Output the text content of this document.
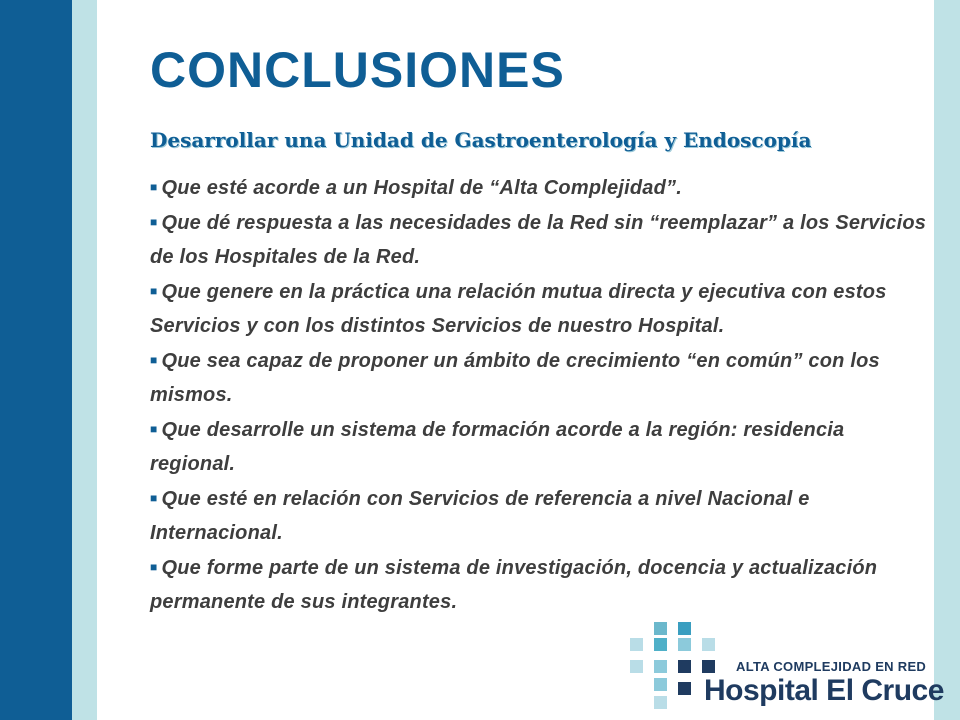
CONCLUSIONES

Desarrollar una Unidad de Gastroenterología y Endoscopía

■ Que esté acorde a un Hospital de “Alta Complejidad”.
■ Que dé respuesta a las necesidades de la Red sin “reemplazar” a los Servicios de los Hospitales de la Red.
■ Que genere en la práctica una relación mutua directa y ejecutiva con estos Servicios y con los distintos Servicios de nuestro Hospital.
■ Que sea capaz de proponer un ámbito de crecimiento “en común” con los mismos.
■ Que desarrolle un sistema de formación acorde a la región: residencia regional.
■ Que esté en relación con Servicios de referencia a nivel Nacional e Internacional.
■ Que forme parte de un sistema de investigación, docencia y actualización permanente de sus integrantes.
ALTA COMPLEJIDAD EN RED
Hospital El Cruce
